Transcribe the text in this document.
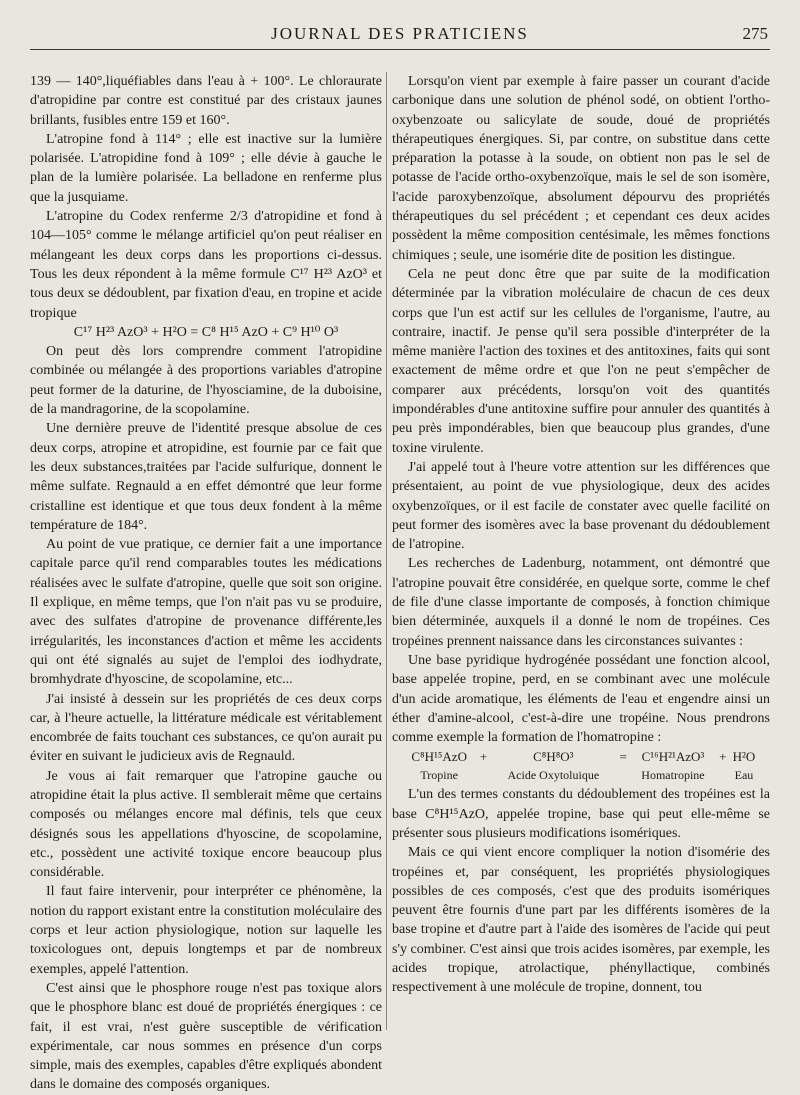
JOURNAL DES PRATICIENS	275

139 — 140°,liquéfiables dans l'eau à + 100°. Le chloraurate d'atropidine par contre est constitué par des cristaux jaunes brillants, fusibles entre 159 et 160°.

L'atropine fond à 114° ; elle est inactive sur la lumière polarisée. L'atropidine fond à 109° ; elle dévie à gauche le plan de la lumière polarisée. La belladone en renferme plus que la jusquiame.

L'atropine du Codex renferme 2/3 d'atropidine et fond à 104—105° comme le mélange artificiel qu'on peut réaliser en mélangeant les deux corps dans les proportions ci-dessus. Tous les deux répondent à la même formule C¹⁷ H²³ AzO³ et tous deux se dédoublent, par fixation d'eau, en tropine et acide tropique

C¹⁷ H²³ AzO³ + H²O = C⁸ H¹⁵ AzO + C⁹ H¹⁰ O³

On peut dès lors comprendre comment l'atropidine combinée ou mélangée à des proportions variables d'atropine peut former de la daturine, de l'hyosciamine, de la duboisine, de la mandragorine, de la scopolamine.

Une dernière preuve de l'identité presque absolue de ces deux corps, atropine et atropidine, est fournie par ce fait que les deux substances,traitées par l'acide sulfurique, donnent le même sulfate. Regnauld a en effet démontré que leur forme cristalline est identique et que tous deux fondent à la même température de 184°.

Au point de vue pratique, ce dernier fait a une importance capitale parce qu'il rend comparables toutes les médications réalisées avec le sulfate d'atropine, quelle que soit son origine. Il explique, en même temps, que l'on n'ait pas vu se produire, avec des sulfates d'atropine de provenance différente,les irrégularités, les inconstances d'action et même les accidents qui ont été signalés au sujet de l'emploi des iodhydrate, bromhydrate d'hyoscine, de scopolamine, etc...

J'ai insisté à dessein sur les propriétés de ces deux corps car, à l'heure actuelle, la littérature médicale est véritablement encombrée de faits touchant ces substances, ce qu'on aurait pu éviter en suivant le judicieux avis de Regnauld.

Je vous ai fait remarquer que l'atropine gauche ou atropidine était la plus active. Il semblerait même que certains composés ou mélanges encore mal définis, tels que ceux désignés sous les appellations d'hyoscine, de scopolamine, etc., possèdent une activité toxique encore beaucoup plus considérable.

Il faut faire intervenir, pour interpréter ce phénomène, la notion du rapport existant entre la constitution moléculaire des corps et leur action physiologique, notion sur laquelle les toxicologues ont, depuis longtemps et par de nombreux exemples, appelé l'attention.

C'est ainsi que le phosphore rouge n'est pas toxique alors que le phosphore blanc est doué de propriétés énergiques : ce fait, il est vrai, n'est guère susceptible de vérification expérimentale, car nous sommes en présence d'un corps simple, mais des exemples, capables d'être expliqués abondent dans le domaine des composés organiques.

Lorsqu'on vient par exemple à faire passer un courant d'acide carbonique dans une solution de phénol sodé, on obtient l'ortho-oxybenzoate ou salicylate de soude, doué de propriétés thérapeutiques énergiques. Si, par contre, on substitue dans cette préparation la potasse à la soude, on obtient non pas le sel de potasse de l'acide ortho-oxybenzoïque, mais le sel de son isomère, l'acide paroxybenzoïque, absolument dépourvu des propriétés thérapeutiques du sel précédent ; et cependant ces deux acides possèdent la même composition centésimale, les mêmes fonctions chimiques ; seule, une isomérie dite de position les distingue.

Cela ne peut donc être que par suite de la modification déterminée par la vibration moléculaire de chacun de ces deux corps que l'un est actif sur les cellules de l'organisme, l'autre, au contraire, inactif. Je pense qu'il sera possible d'interpréter de la même manière l'action des toxines et des antitoxines, faits qui sont exactement de même ordre et que l'on ne peut s'empêcher de comparer aux précédents, lorsqu'on voit des quantités impondérables d'une antitoxine suffire pour annuler des quantités à peu près impondérables, bien que beaucoup plus grandes, d'une toxine virulente.

J'ai appelé tout à l'heure votre attention sur les différences que présentaient, au point de vue physiologique, deux des acides oxybenzoïques, or il est facile de constater avec quelle facilité on peut former des isomères avec la base provenant du dédoublement de l'atropine.

Les recherches de Ladenburg, notamment, ont démontré que l'atropine pouvait être considérée, en quelque sorte, comme le chef de file d'une classe importante de composés, à fonction chimique bien déterminée, auxquels il a donné le nom de tropéines. Ces tropéines prennent naissance dans les circonstances suivantes :

Une base pyridique hydrogénée possédant une fonction alcool, base appelée tropine, perd, en se combinant avec une molécule d'un acide aromatique, les éléments de l'eau et engendre ainsi un éther d'amine-alcool, c'est-à-dire une tropéine. Nous prendrons comme exemple la formation de l'homatropine :

C⁸H¹⁵AzO	+	C⁸H⁸O³	=	C¹⁶H²¹AzO³	+	H²O
Tropine		Acide Oxytoluique		Homatropine		Eau

L'un des termes constants du dédoublement des tropéines est la base C⁸H¹⁵AzO, appelée tropine, base qui peut elle-même se présenter sous plusieurs modifications isomériques.

Mais ce qui vient encore compliquer la notion d'isomérie des tropéines et, par conséquent, les propriétés physiologiques possibles de ces composés, c'est que des produits isomériques peuvent être fournis d'une part par les différents isomères de la base tropine et d'autre part à l'aide des isomères de l'acide qui peut s'y combiner. C'est ainsi que trois acides isomères, par exemple, les acides tropique, atrolactique, phényllactique, combinés respectivement à une molécule de tropine, donnent, tou
